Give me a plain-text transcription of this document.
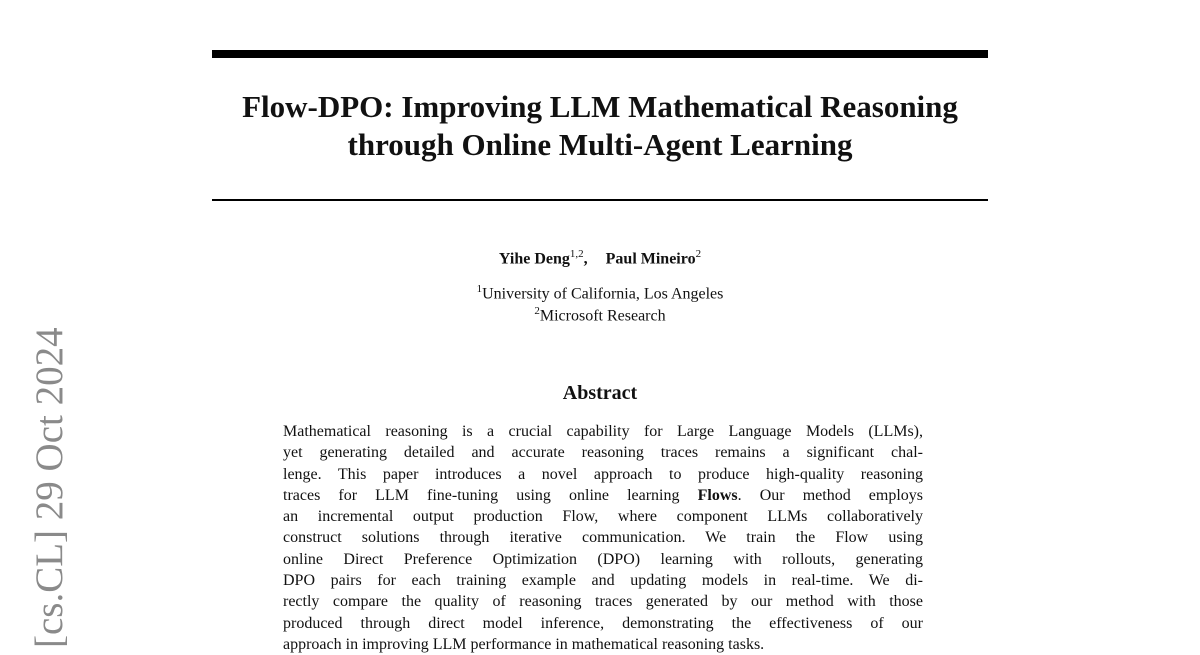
Flow-DPO: Improving LLM Mathematical Reasoning
through Online Multi-Agent Learning
Yihe Deng$^{1,2}$, Paul Mineiro$^2$
$^1$University of California, Los Angeles
$^2$Microsoft Research
Abstract
Mathematical reasoning is a crucial capability for Large Language Models (LLMs),
yet generating detailed and accurate reasoning traces remains a significant chal-
lenge. This paper introduces a novel approach to produce high-quality reasoning
traces for LLM fine-tuning using online learning Flows. Our method employs
an incremental output production Flow, where component LLMs collaboratively
construct solutions through iterative communication. We train the Flow using
online Direct Preference Optimization (DPO) learning with rollouts, generating
DPO pairs for each training example and updating models in real-time. We di-
rectly compare the quality of reasoning traces generated by our method with those
produced through direct model inference, demonstrating the effectiveness of our
approach in improving LLM performance in mathematical reasoning tasks.
[cs.CL] 29 Oct 2024
